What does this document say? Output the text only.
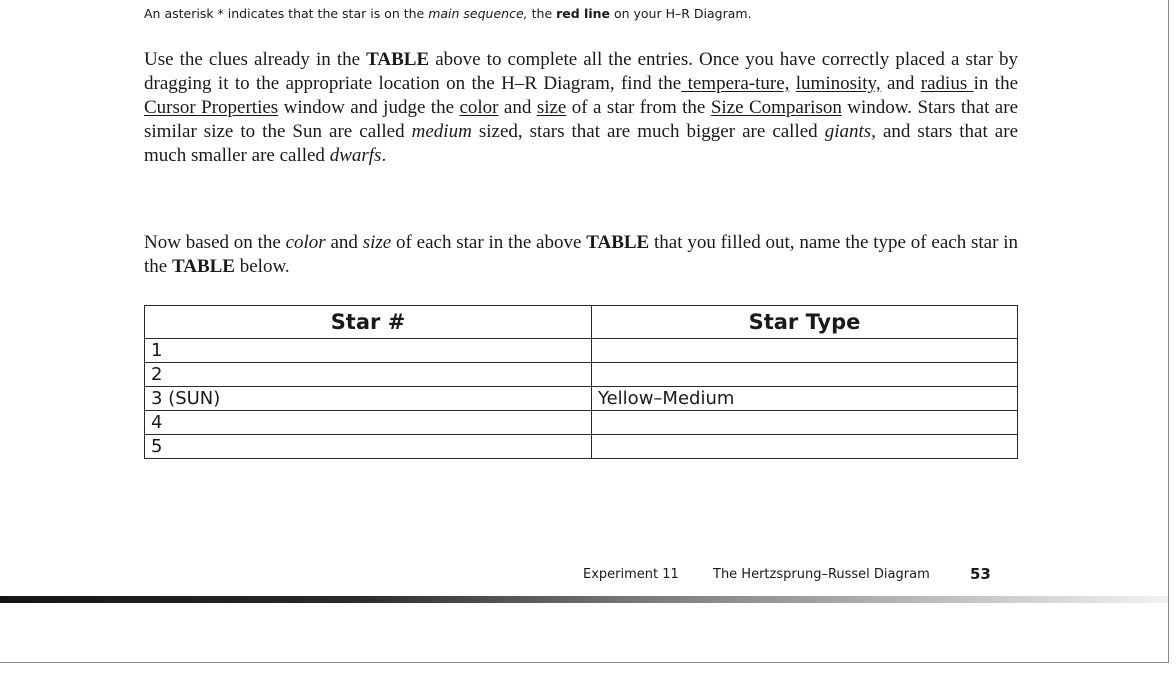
An asterisk * indicates that the star is on the main sequence, the red line on your H–R Diagram.
Use the clues already in the TABLE above to complete all the entries. Once you have correctly placed a star by dragging it to the appropriate location on the H–R Diagram, find the tempera-ture, luminosity, and radius in the Cursor Properties window and judge the color and size of a star from the Size Comparison window. Stars that are similar size to the Sun are called medium sized, stars that are much bigger are called giants, and stars that are much smaller are called dwarfs.
Now based on the color and size of each star in the above TABLE that you filled out, name the type of each star in the TABLE below.
Star #	Star Type
1	
2	
3 (SUN)	Yellow–Medium
4	
5	
Experiment 11	The Hertzsprung–Russel Diagram	53
